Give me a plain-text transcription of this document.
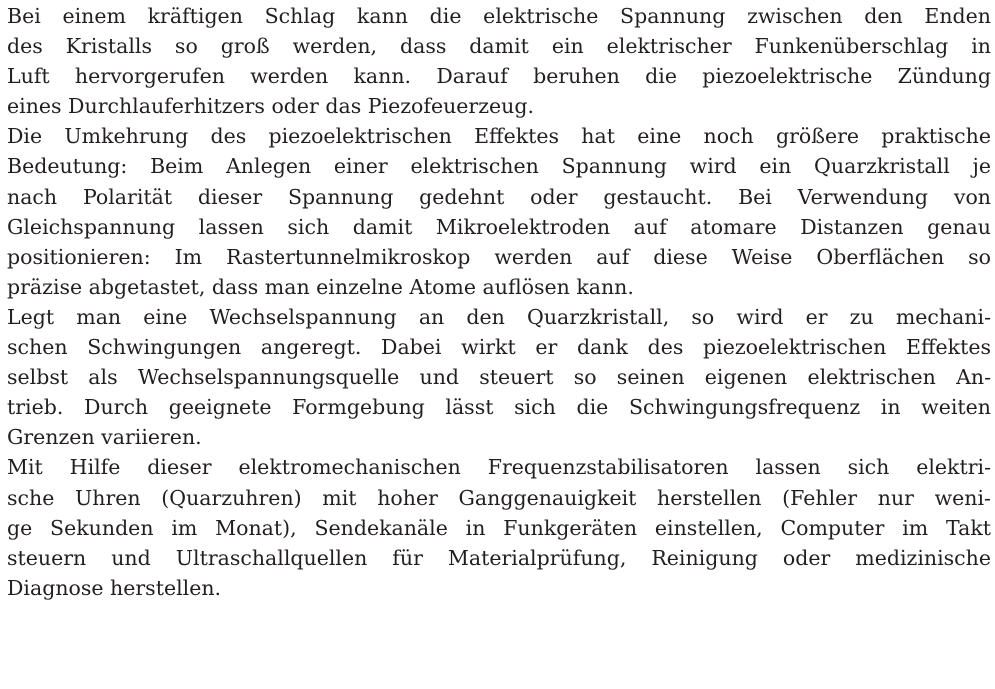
Bei einem kräftigen Schlag kann die elektrische Spannung zwischen den Enden
des Kristalls so groß werden, dass damit ein elektrischer Funkenüberschlag in
Luft hervorgerufen werden kann. Darauf beruhen die piezoelektrische Zündung
eines Durchlauferhitzers oder das Piezofeuerzeug.
Die Umkehrung des piezoelektrischen Effektes hat eine noch größere praktische
Bedeutung: Beim Anlegen einer elektrischen Spannung wird ein Quarzkristall je
nach Polarität dieser Spannung gedehnt oder gestaucht. Bei Verwendung von
Gleichspannung lassen sich damit Mikroelektroden auf atomare Distanzen genau
positionieren: Im Rastertunnelmikroskop werden auf diese Weise Oberflächen so
präzise abgetastet, dass man einzelne Atome auflösen kann.
Legt man eine Wechselspannung an den Quarzkristall, so wird er zu mechani-
schen Schwingungen angeregt. Dabei wirkt er dank des piezoelektrischen Effektes
selbst als Wechselspannungsquelle und steuert so seinen eigenen elektrischen An-
trieb. Durch geeignete Formgebung lässt sich die Schwingungsfrequenz in weiten
Grenzen variieren.
Mit Hilfe dieser elektromechanischen Frequenzstabilisatoren lassen sich elektri-
sche Uhren (Quarzuhren) mit hoher Ganggenauigkeit herstellen (Fehler nur weni-
ge Sekunden im Monat), Sendekanäle in Funkgeräten einstellen, Computer im Takt
steuern und Ultraschallquellen für Materialprüfung, Reinigung oder medizinische
Diagnose herstellen.
